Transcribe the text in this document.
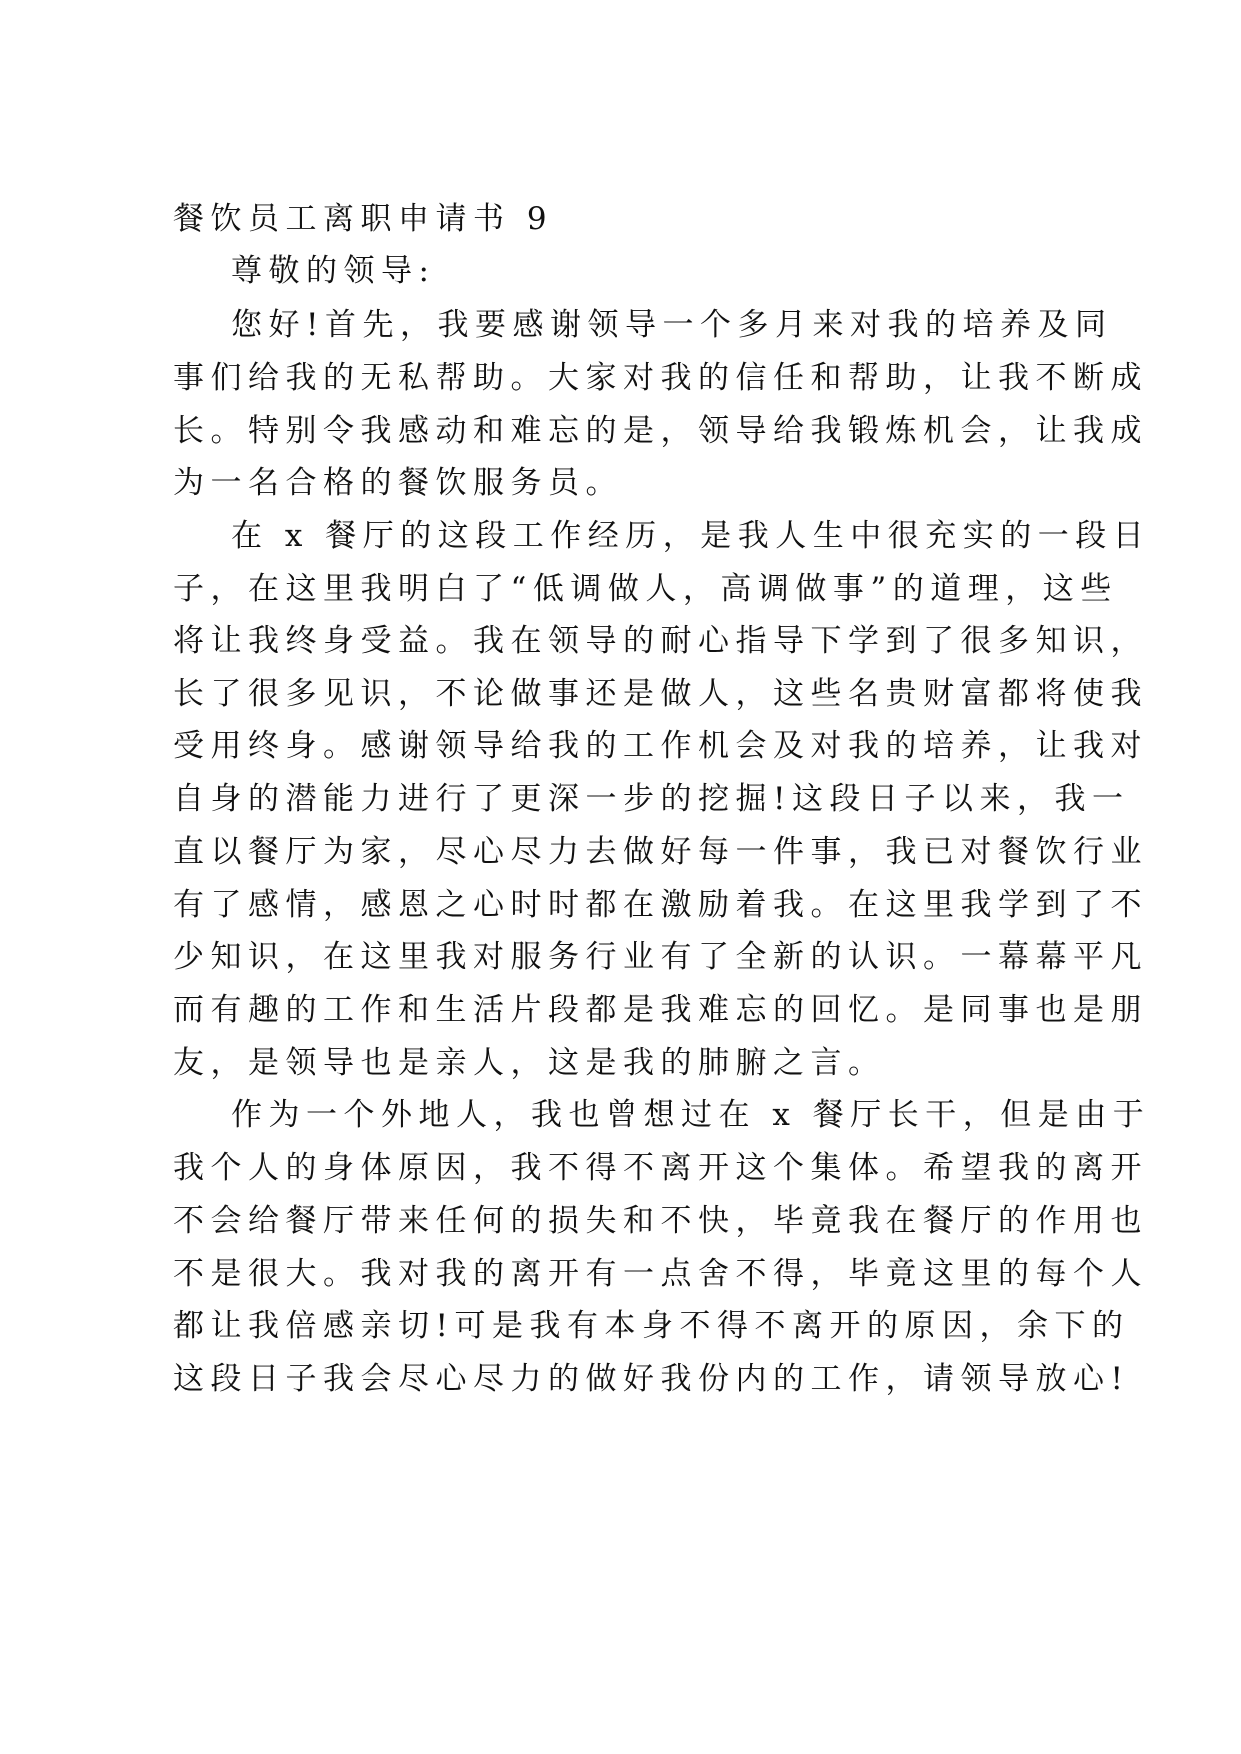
餐饮员工离职申请书 9
尊敬的领导:
您好!首先，我要感谢领导一个多月来对我的培养及同
事们给我的无私帮助。大家对我的信任和帮助，让我不断成
长。特别令我感动和难忘的是，领导给我锻炼机会，让我成
为一名合格的餐饮服务员。
在 x 餐厅的这段工作经历，是我人生中很充实的一段日
子，在这里我明白了“低调做人，高调做事”的道理，这些
将让我终身受益。我在领导的耐心指导下学到了很多知识，
长了很多见识，不论做事还是做人，这些名贵财富都将使我
受用终身。感谢领导给我的工作机会及对我的培养，让我对
自身的潜能力进行了更深一步的挖掘!这段日子以来，我一
直以餐厅为家，尽心尽力去做好每一件事，我已对餐饮行业
有了感情，感恩之心时时都在激励着我。在这里我学到了不
少知识，在这里我对服务行业有了全新的认识。一幕幕平凡
而有趣的工作和生活片段都是我难忘的回忆。是同事也是朋
友，是领导也是亲人，这是我的肺腑之言。
作为一个外地人，我也曾想过在 x 餐厅长干，但是由于
我个人的身体原因，我不得不离开这个集体。希望我的离开
不会给餐厅带来任何的损失和不快，毕竟我在餐厅的作用也
不是很大。我对我的离开有一点舍不得，毕竟这里的每个人
都让我倍感亲切!可是我有本身不得不离开的原因，余下的
这段日子我会尽心尽力的做好我份内的工作，请领导放心!
